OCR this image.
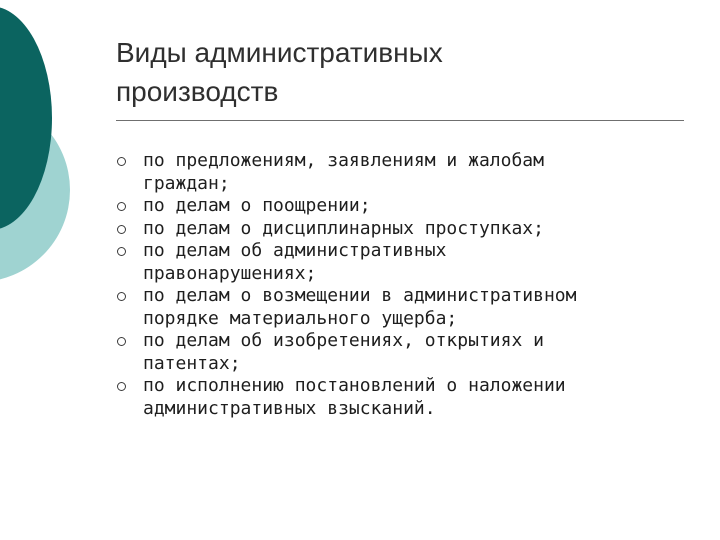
Виды административных
производств
по предложениям, заявлениям и жалобам
граждан;
по делам о поощрении;
по делам о дисциплинарных проступках;
по делам об административных
правонарушениях;
по делам о возмещении в административном
порядке материального ущерба;
по делам об изобретениях, открытиях и
патентах;
по исполнению постановлений о наложении
административных взысканий.
